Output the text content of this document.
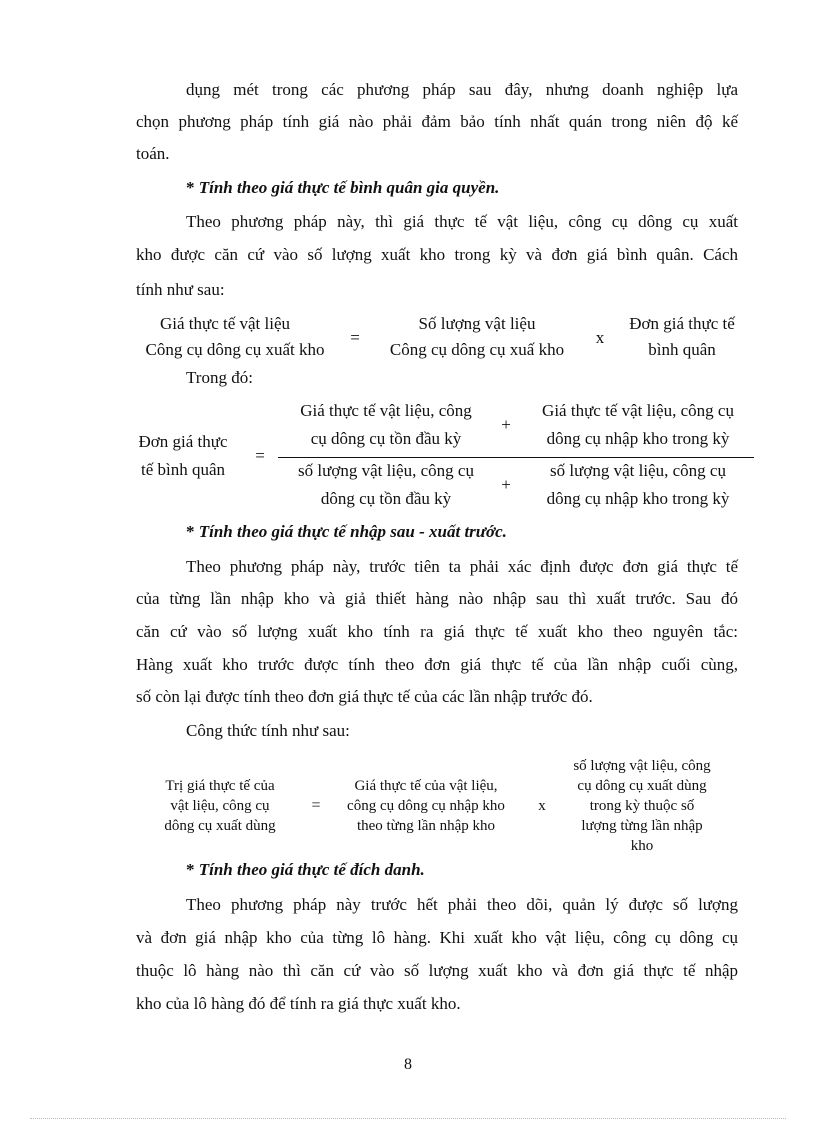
dụng mét trong các phương pháp sau đây, nhưng doanh nghiệp lựa
chọn phương pháp tính giá nào phải đảm bảo tính nhất quán trong niên độ kế
toán.
* Tính theo giá thực tế bình quân gia quyền.
Theo phương pháp này, thì giá thực tế vật liệu, công cụ dông cụ xuất
kho được căn cứ vào số lượng xuất kho trong kỳ và đơn giá bình quân. Cách
tính như sau:
Giá thực tế vật liệu
Công cụ dông cụ xuất kho
=
Số lượng vật liệu
Công cụ dông cụ xuấ kho
x
Đơn giá thực tế
bình quân
Trong đó:
Đơn giá thực
tế bình quân
=
Giá thực tế vật liệu, công
cụ dông cụ tồn đầu kỳ
+
Giá thực tế vật liệu, công cụ
dông cụ nhập kho trong kỳ
số lượng vật liệu, công cụ
dông cụ tồn đầu kỳ
+
số lượng vật liệu, công cụ
dông cụ nhập kho trong kỳ
* Tính theo giá thực tế nhập sau - xuất trước.
Theo phương pháp này, trước tiên ta phải xác định được đơn giá thực tế
của từng lần nhập kho và giả thiết hàng nào nhập sau thì xuất trước. Sau đó
căn cứ vào số lượng xuất kho tính ra giá thực tế xuất kho theo nguyên tắc:
Hàng xuất kho trước được tính theo đơn giá thực tế của lần nhập cuối cùng,
số còn lại được tính theo đơn giá thực tế của các lần nhập trước đó.
Công thức tính như sau:
Trị giá thực tế của
vật liệu, công cụ
dông cụ xuất dùng
=
Giá thực tế của vật liệu,
công cụ dông cụ nhập kho
theo từng lần nhập kho
x
số lượng vật liệu, công
cụ dông cụ xuất dùng
trong kỳ thuộc số
lượng từng lần nhập
kho
* Tính theo giá thực tế đích danh.
Theo phương pháp này trước hết phải theo dõi, quản lý được số lượng
và đơn giá nhập kho của từng lô hàng. Khi xuất kho vật liệu, công cụ dông cụ
thuộc lô hàng nào thì căn cứ vào số lượng xuất kho và đơn giá thực tế nhập
kho của lô hàng đó để tính ra giá thực xuất kho.
8
